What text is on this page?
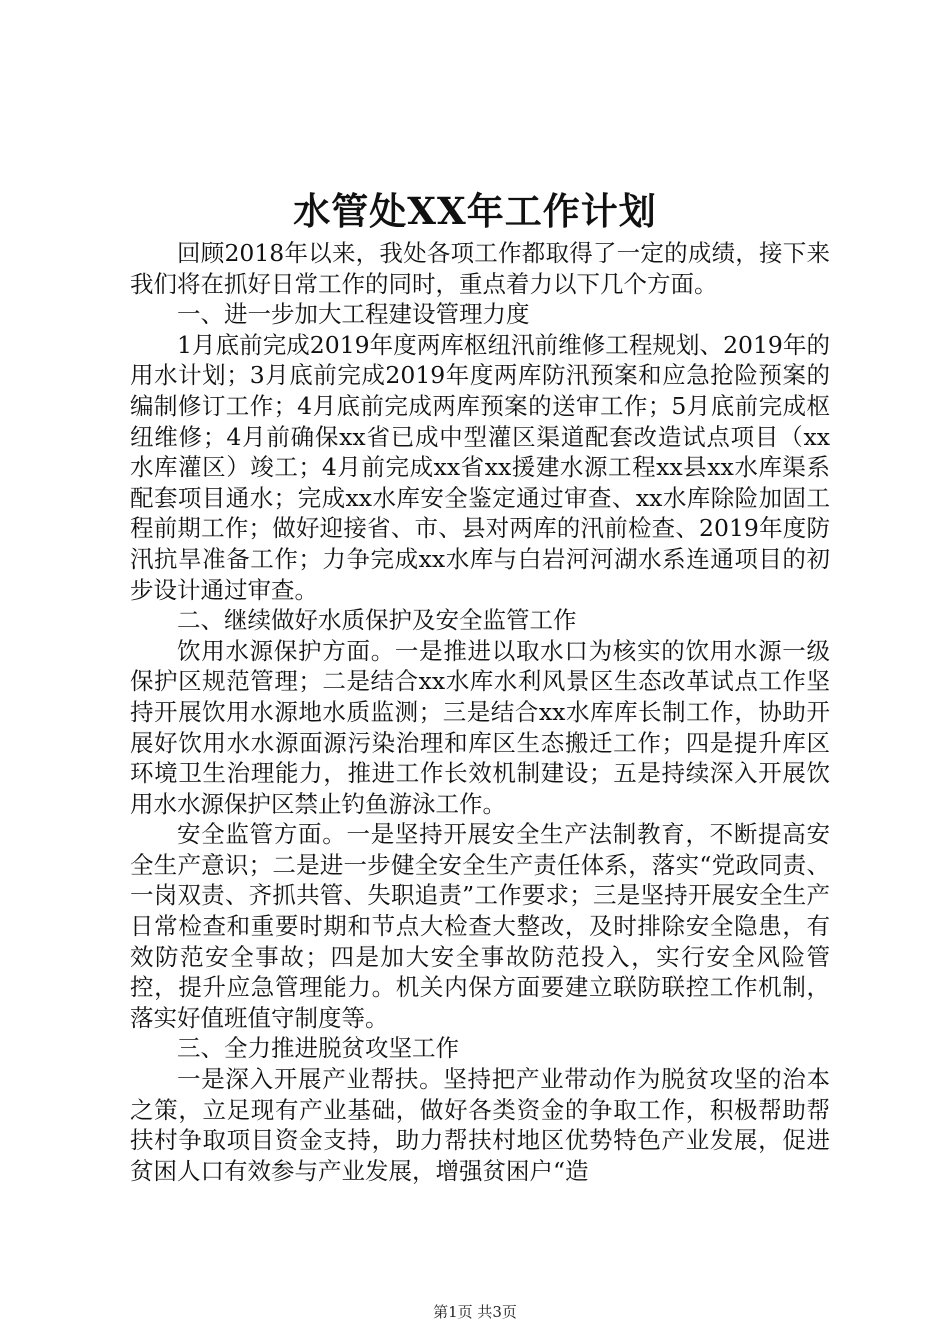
水管处XX年工作计划

回顾2018年以来，我处各项工作都取得了一定的成绩，接下来我们将在抓好日常工作的同时，重点着力以下几个方面。

一、进一步加大工程建设管理力度

1月底前完成2019年度两库枢纽汛前维修工程规划、2019年的用水计划；3月底前完成2019年度两库防汛预案和应急抢险预案的编制修订工作；4月底前完成两库预案的送审工作；5月底前完成枢纽维修；4月前确保xx省已成中型灌区渠道配套改造试点项目（xx水库灌区）竣工；4月前完成xx省xx援建水源工程xx县xx水库渠系配套项目通水；完成xx水库安全鉴定通过审查、xx水库除险加固工程前期工作；做好迎接省、市、县对两库的汛前检查、2019年度防汛抗旱准备工作；力争完成xx水库与白岩河河湖水系连通项目的初步设计通过审查。

二、继续做好水质保护及安全监管工作

饮用水源保护方面。一是推进以取水口为核实的饮用水源一级保护区规范管理；二是结合xx水库水利风景区生态改革试点工作坚持开展饮用水源地水质监测；三是结合xx水库库长制工作，协助开展好饮用水水源面源污染治理和库区生态搬迁工作；四是提升库区环境卫生治理能力，推进工作长效机制建设；五是持续深入开展饮用水水源保护区禁止钓鱼游泳工作。

安全监管方面。一是坚持开展安全生产法制教育，不断提高安全生产意识；二是进一步健全安全生产责任体系，落实“党政同责、一岗双责、齐抓共管、失职追责”工作要求；三是坚持开展安全生产日常检查和重要时期和节点大检查大整改，及时排除安全隐患，有效防范安全事故；四是加大安全事故防范投入，实行安全风险管控，提升应急管理能力。机关内保方面要建立联防联控工作机制，落实好值班值守制度等。

三、全力推进脱贫攻坚工作

一是深入开展产业帮扶。坚持把产业带动作为脱贫攻坚的治本之策，立足现有产业基础，做好各类资金的争取工作，积极帮助帮扶村争取项目资金支持，助力帮扶村地区优势特色产业发展，促进贫困人口有效参与产业发展，增强贫困户“造

第1页 共3页
